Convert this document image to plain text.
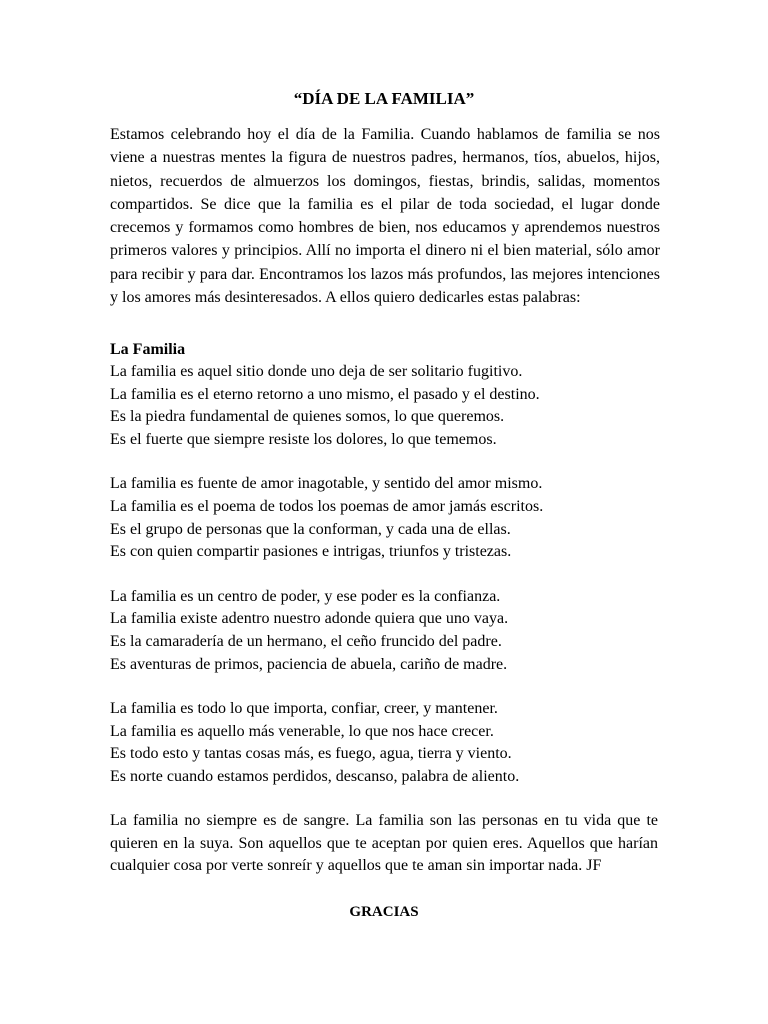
“DÍA DE LA FAMILIA”

Estamos celebrando hoy el día de la Familia. Cuando hablamos de familia se nos viene a nuestras mentes la figura de nuestros padres, hermanos, tíos, abuelos, hijos, nietos, recuerdos de almuerzos los domingos, fiestas, brindis, salidas, momentos compartidos. Se dice que la familia es el pilar de toda sociedad, el lugar donde crecemos y formamos como hombres de bien, nos educamos y aprendemos nuestros primeros valores y principios. Allí no importa el dinero ni el bien material, sólo amor para recibir y para dar. Encontramos los lazos más profundos, las mejores intenciones y los amores más desinteresados. A ellos quiero dedicarles estas palabras:

La Familia

La familia es aquel sitio donde uno deja de ser solitario fugitivo.
La familia es el eterno retorno a uno mismo, el pasado y el destino.
Es la piedra fundamental de quienes somos, lo que queremos.
Es el fuerte que siempre resiste los dolores, lo que tememos.
La familia es fuente de amor inagotable, y sentido del amor mismo.
La familia es el poema de todos los poemas de amor jamás escritos.
Es el grupo de personas que la conforman, y cada una de ellas.
Es con quien compartir pasiones e intrigas, triunfos y tristezas.
La familia es un centro de poder, y ese poder es la confianza.
La familia existe adentro nuestro adonde quiera que uno vaya.
Es la camaradería de un hermano, el ceño fruncido del padre.
Es aventuras de primos, paciencia de abuela, cariño de madre.
La familia es todo lo que importa, confiar, creer, y mantener.
La familia es aquello más venerable, lo que nos hace crecer.
Es todo esto y tantas cosas más, es fuego, agua, tierra y viento.
Es norte cuando estamos perdidos, descanso, palabra de aliento.

La familia no siempre es de sangre. La familia son las personas en tu vida que te quieren en la suya. Son aquellos que te aceptan por quien eres. Aquellos que harían cualquier cosa por verte sonreír y aquellos que te aman sin importar nada. JF

GRACIAS
